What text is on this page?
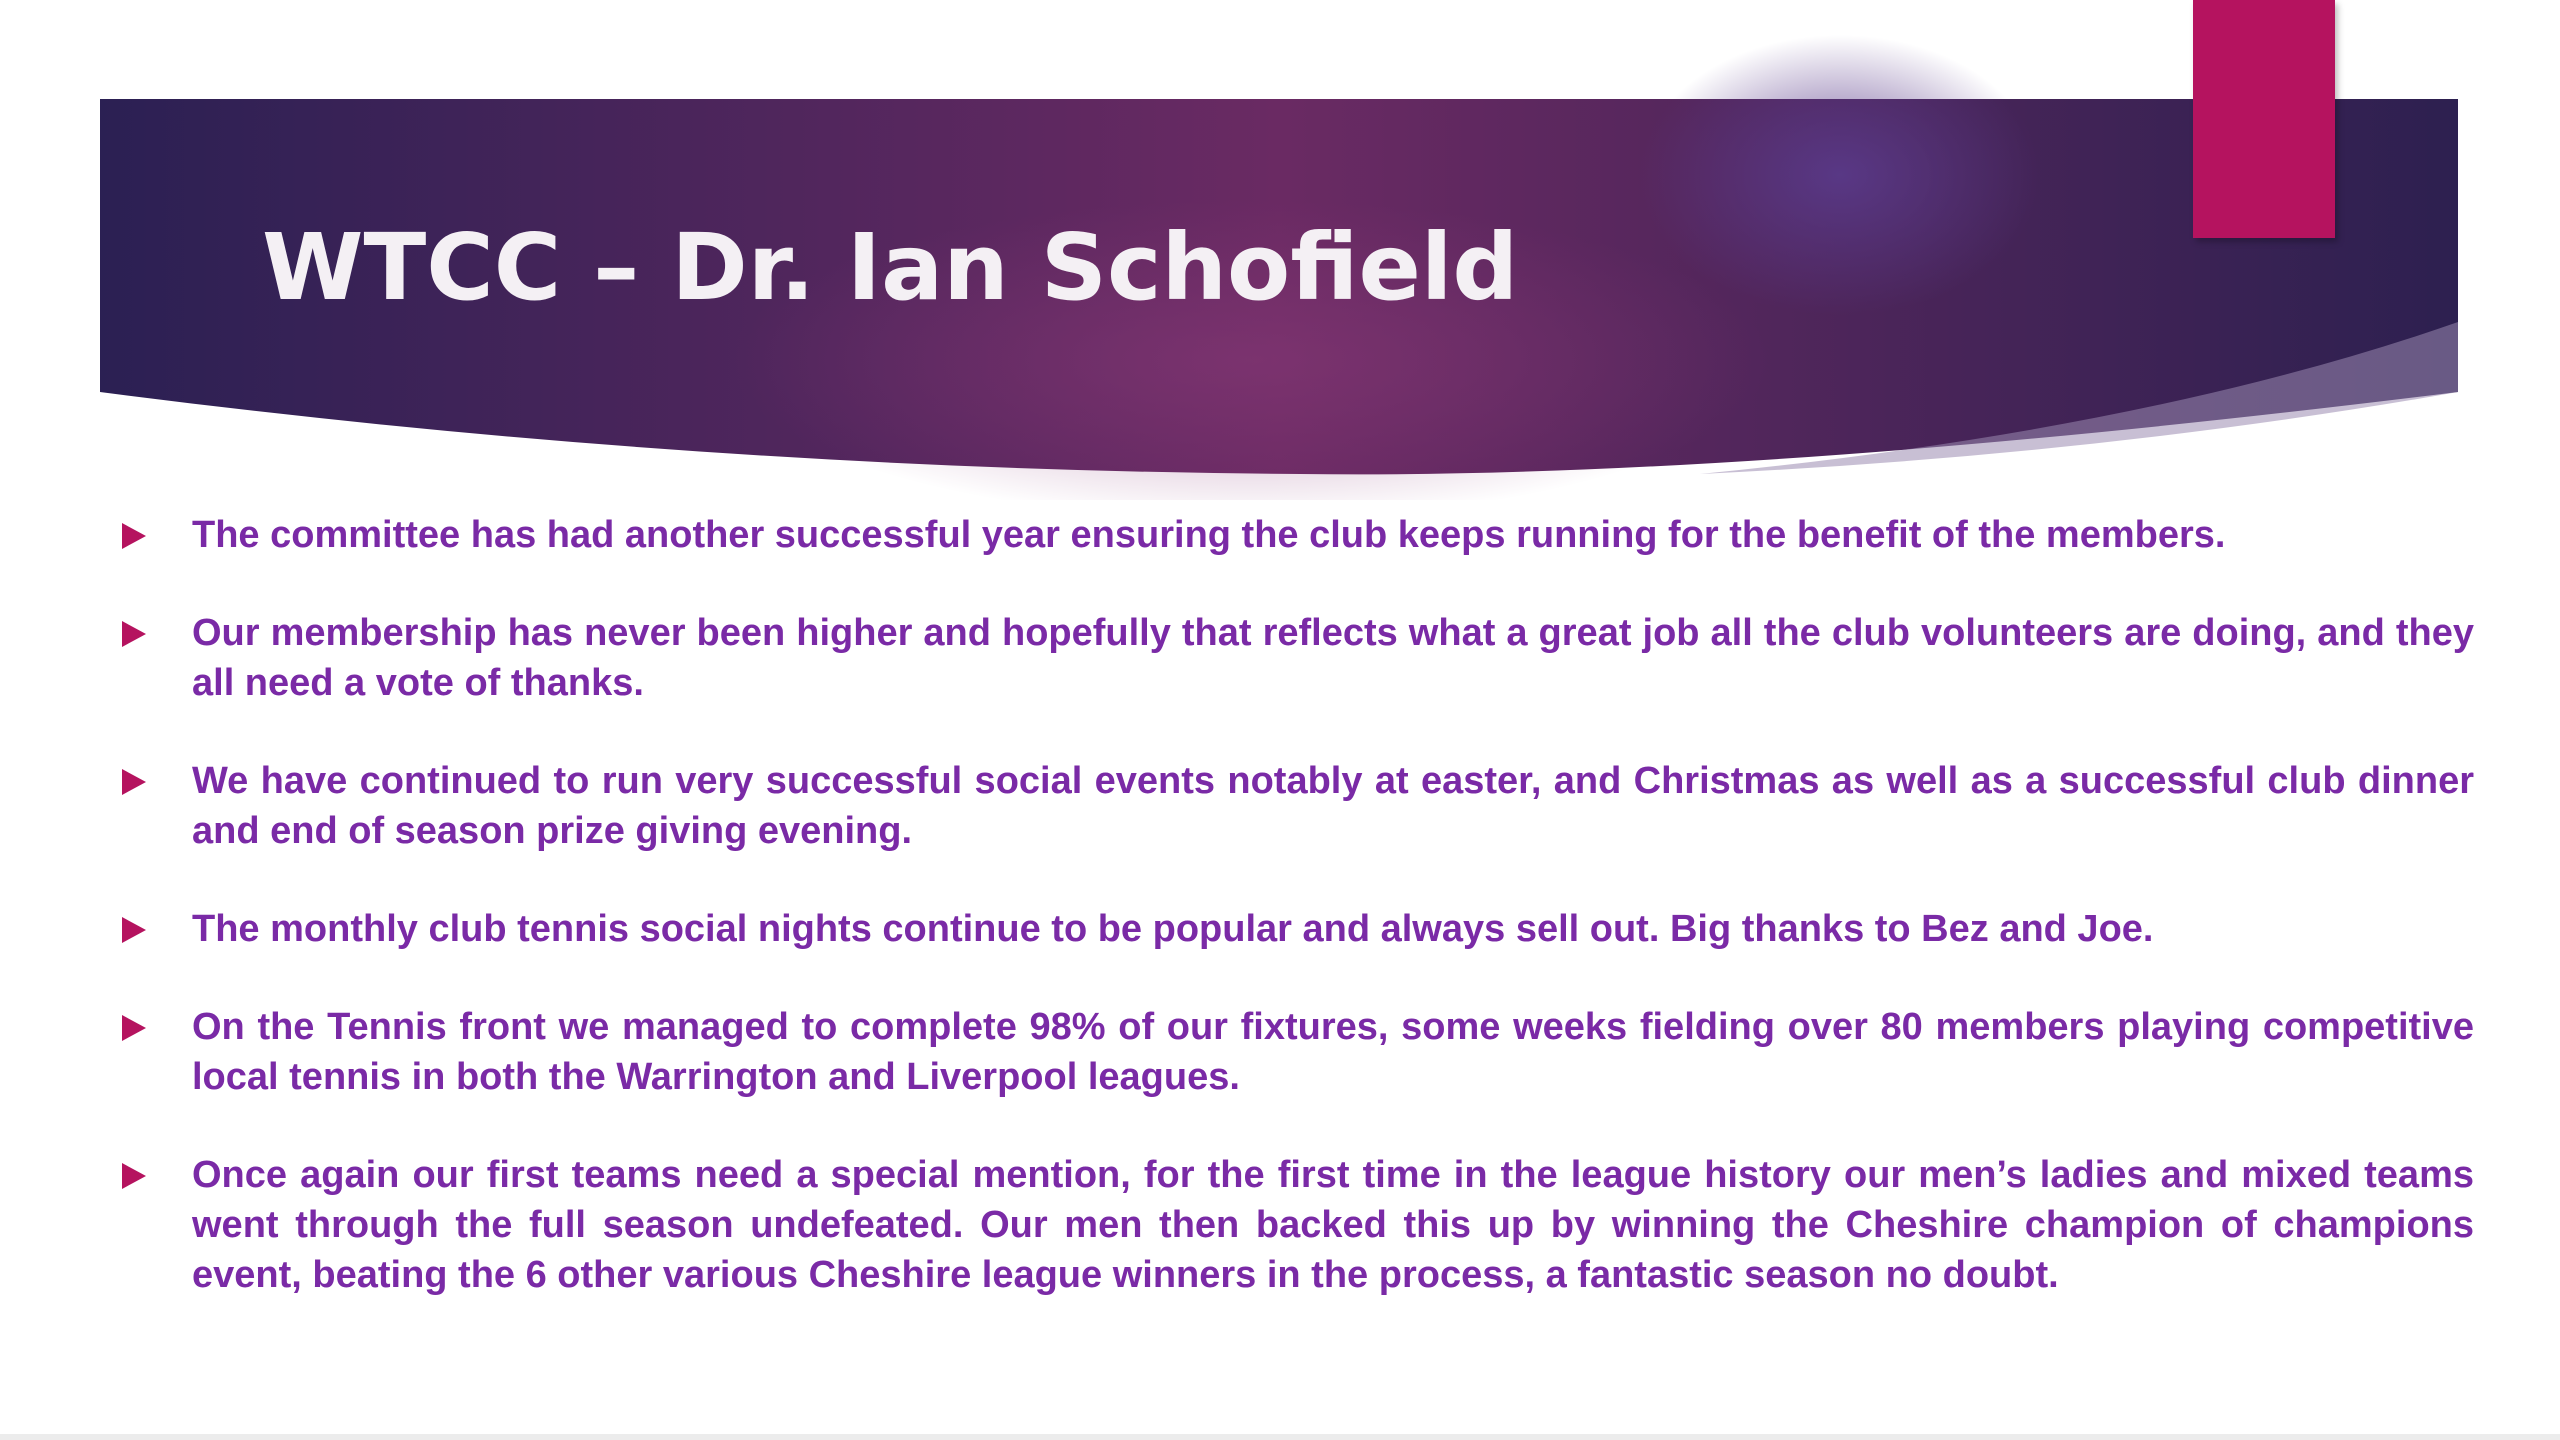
WTCC – Dr. Ian Schofield
The committee has had another successful year ensuring the club keeps running for the benefit of the members.
Our membership has never been higher and hopefully that reflects what a great job all the club volunteers are doing, and they all need a vote of thanks.
We have continued to run very successful social events notably at easter, and Christmas as well as a successful club dinner and end of season prize giving evening.
The monthly club tennis social nights continue to be popular and always sell out. Big thanks to Bez and Joe.
On the Tennis front we managed to complete 98% of our fixtures, some weeks fielding over 80 members playing competitive local tennis in both the Warrington and Liverpool leagues.
Once again our first teams need a special mention, for the first time in the league history our men’s ladies and mixed teams went through the full season undefeated. Our men then backed this up by winning the Cheshire champion of champions event, beating the 6 other various Cheshire league winners in the process, a fantastic season no doubt.
